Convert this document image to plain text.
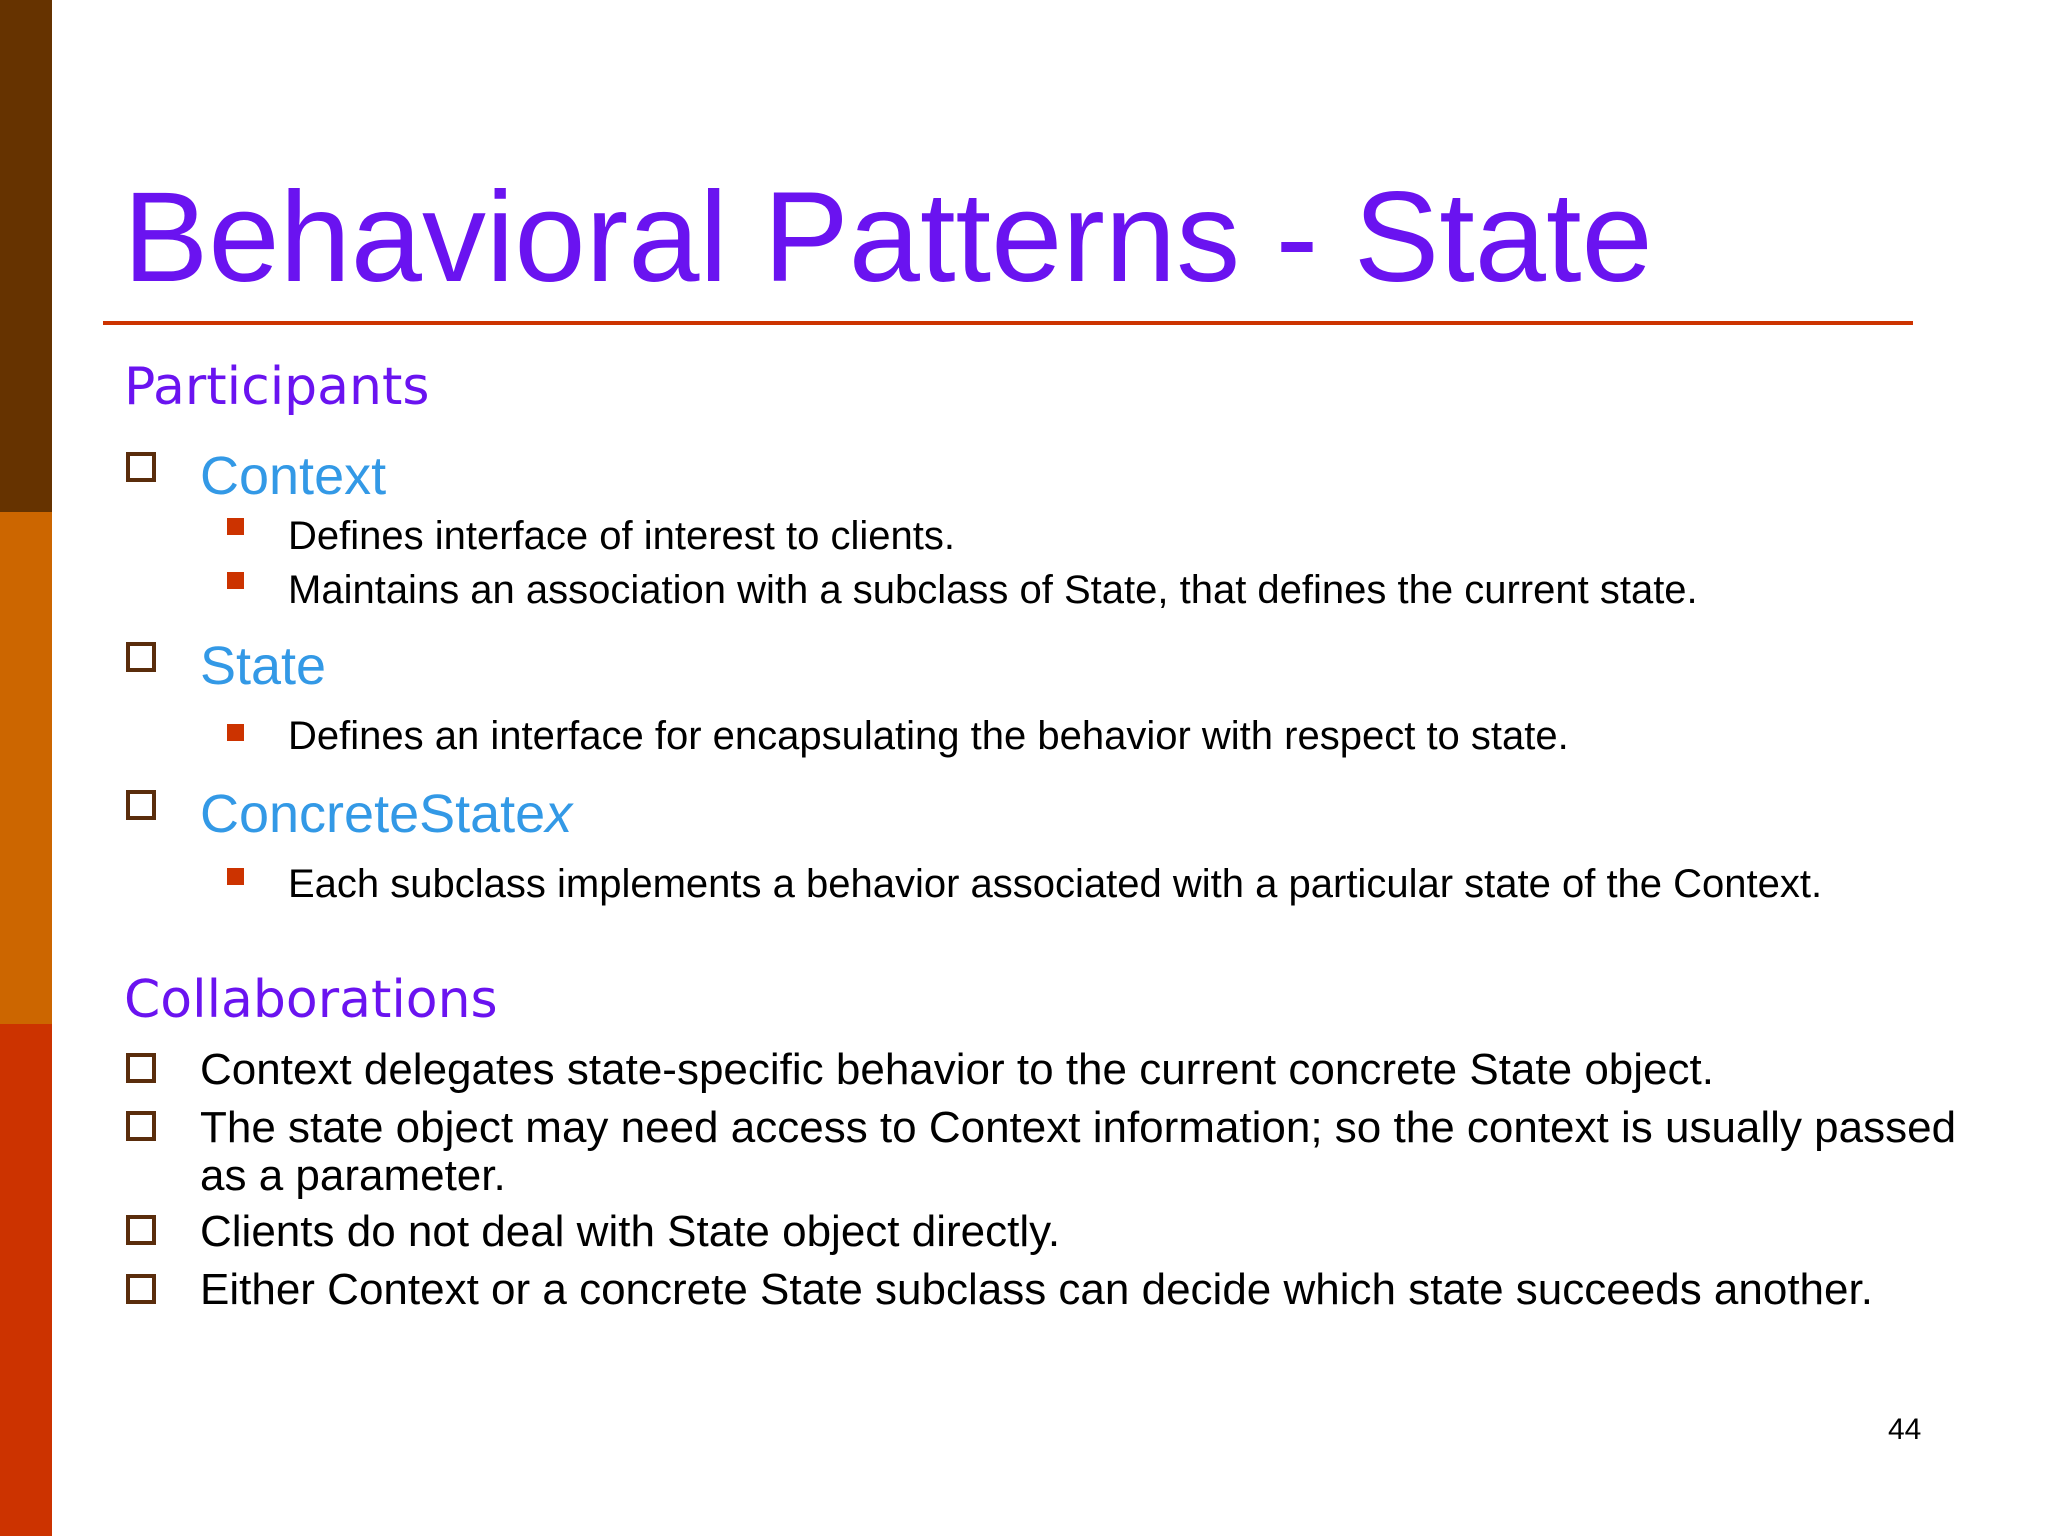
Behavioral Patterns - State
Participants
Context
Defines interface of interest to clients.
Maintains an association with a subclass of State, that defines the current state.
State
Defines an interface for encapsulating the behavior with respect to state.
ConcreteStatex
Each subclass implements a behavior associated with a particular state of the Context.
Collaborations
Context delegates state-specific behavior to the current concrete State object.
The state object may need access to Context information; so the context is usually passed as a parameter.
Clients do not deal with State object directly.
Either Context or a concrete State subclass can decide which state succeeds another.
44
